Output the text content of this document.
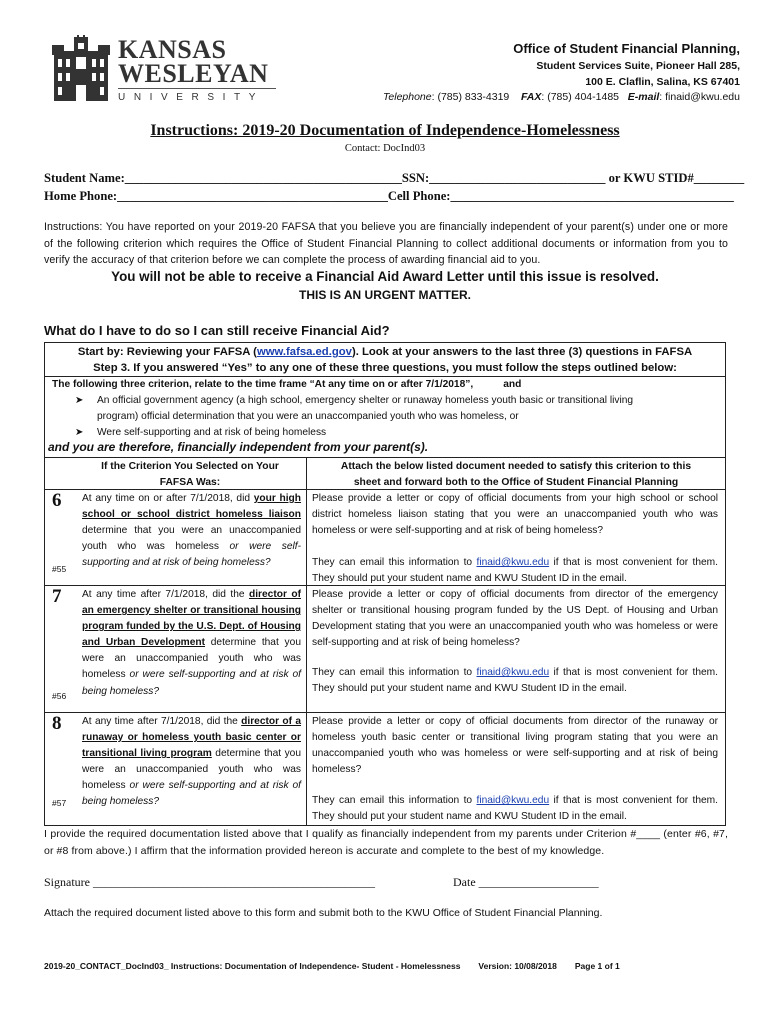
KANSAS
WESLEYAN
UNIVERSITY
Office of Student Financial Planning,
Student Services Suite, Pioneer Hall 285,
100 E. Claflin, Salina, KS 67401
Telephone: (785) 833-4319 FAX: (785) 404-1485 E-mail: finaid@kwu.edu
Instructions: 2019-20 Documentation of Independence-Homelessness
Contact: DocInd03
Student Name:____________________________________________SSN:____________________________ or KWU STID#________
Home Phone:___________________________________________Cell Phone:_____________________________________________
Instructions: You have reported on your 2019-20 FAFSA that you believe you are financially independent of your parent(s) under one or more of the following criterion which requires the Office of Student Financial Planning to collect additional documents or information from you to verify the accuracy of that criterion before we can complete the process of awarding financial aid to you.
You will not be able to receive a Financial Aid Award Letter until this issue is resolved.
THIS IS AN URGENT MATTER.
What do I have to do so I can still receive Financial Aid?
Start by: Reviewing your FAFSA (www.fafsa.ed.gov). Look at your answers to the last three (3) questions in FAFSA
Step 3. If you answered “Yes” to any one of these three questions, you must follow the steps outlined below:
The following three criterion, relate to the time frame “At any time on or after 7/1/2018”,	and
➤ An official government agency (a high school, emergency shelter or runaway homeless youth basic or transitional living
program) official determination that you were an unaccompanied youth who was homeless, or
➤ Were self-supporting and at risk of being homeless
and you are therefore, financially independent from your parent(s).
If the Criterion You Selected on Your
FAFSA Was:
Attach the below listed document needed to satisfy this criterion to this
sheet and forward both to the Office of Student Financial Planning
6
#55
At any time on or after 7/1/2018, did your high school or school district homeless liaison determine that you were an unaccompanied youth who was homeless or were self-supporting and at risk of being homeless?
Please provide a letter or copy of official documents from your high school or school district homeless liaison stating that you were an unaccompanied youth who was homeless or were self-supporting and at risk of being homeless?
They can email this information to finaid@kwu.edu if that is most convenient for them. They should put your student name and KWU Student ID in the email.
7
#56
At any time after 7/1/2018, did the director of an emergency shelter or transitional housing program funded by the U.S. Dept. of Housing and Urban Development determine that you were an unaccompanied youth who was homeless or were self-supporting and at risk of being homeless?
Please provide a letter or copy of official documents from director of the emergency shelter or transitional housing program funded by the US Dept. of Housing and Urban Development stating that you were an unaccompanied youth who was homeless or were self-supporting and at risk of being homeless?
They can email this information to finaid@kwu.edu if that is most convenient for them. They should put your student name and KWU Student ID in the email.
8
#57
At any time after 7/1/2018, did the director of a runaway or homeless youth basic center or transitional living program determine that you were an unaccompanied youth who was homeless or were self-supporting and at risk of being homeless?
Please provide a letter or copy of official documents from director of the runaway or homeless youth basic center or transitional living program stating that you were an unaccompanied youth who was homeless or were self-supporting and at risk of being homeless?
They can email this information to finaid@kwu.edu if that is most convenient for them. They should put your student name and KWU Student ID in the email.
I provide the required documentation listed above that I qualify as financially independent from my parents under Criterion #____ (enter #6, #7, or #8 from above.) I affirm that the information provided hereon is accurate and complete to the best of my knowledge.
Signature _______________________________________________	Date ____________________
Attach the required document listed above to this form and submit both to the KWU Office of Student Financial Planning.
2019-20_CONTACT_DocInd03_ Instructions: Documentation of Independence- Student - Homelessness Version: 10/08/2018 Page 1 of 1
